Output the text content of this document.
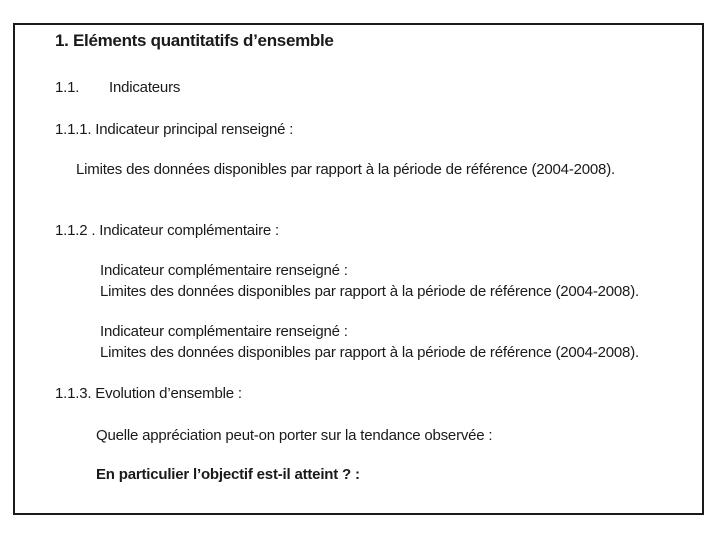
1. Eléments quantitatifs d’ensemble
1.1. Indicateurs
1.1.1. Indicateur principal renseigné :
Limites des données disponibles par rapport à la période de référence (2004-2008).
1.1.2 . Indicateur complémentaire :
Indicateur complémentaire renseigné :
Limites des données disponibles par rapport à la période de référence (2004-2008).
Indicateur complémentaire renseigné :
Limites des données disponibles par rapport à la période de référence (2004-2008).
1.1.3. Evolution d’ensemble :
Quelle appréciation peut-on porter sur la tendance observée :
En particulier l’objectif est-il atteint ? :
